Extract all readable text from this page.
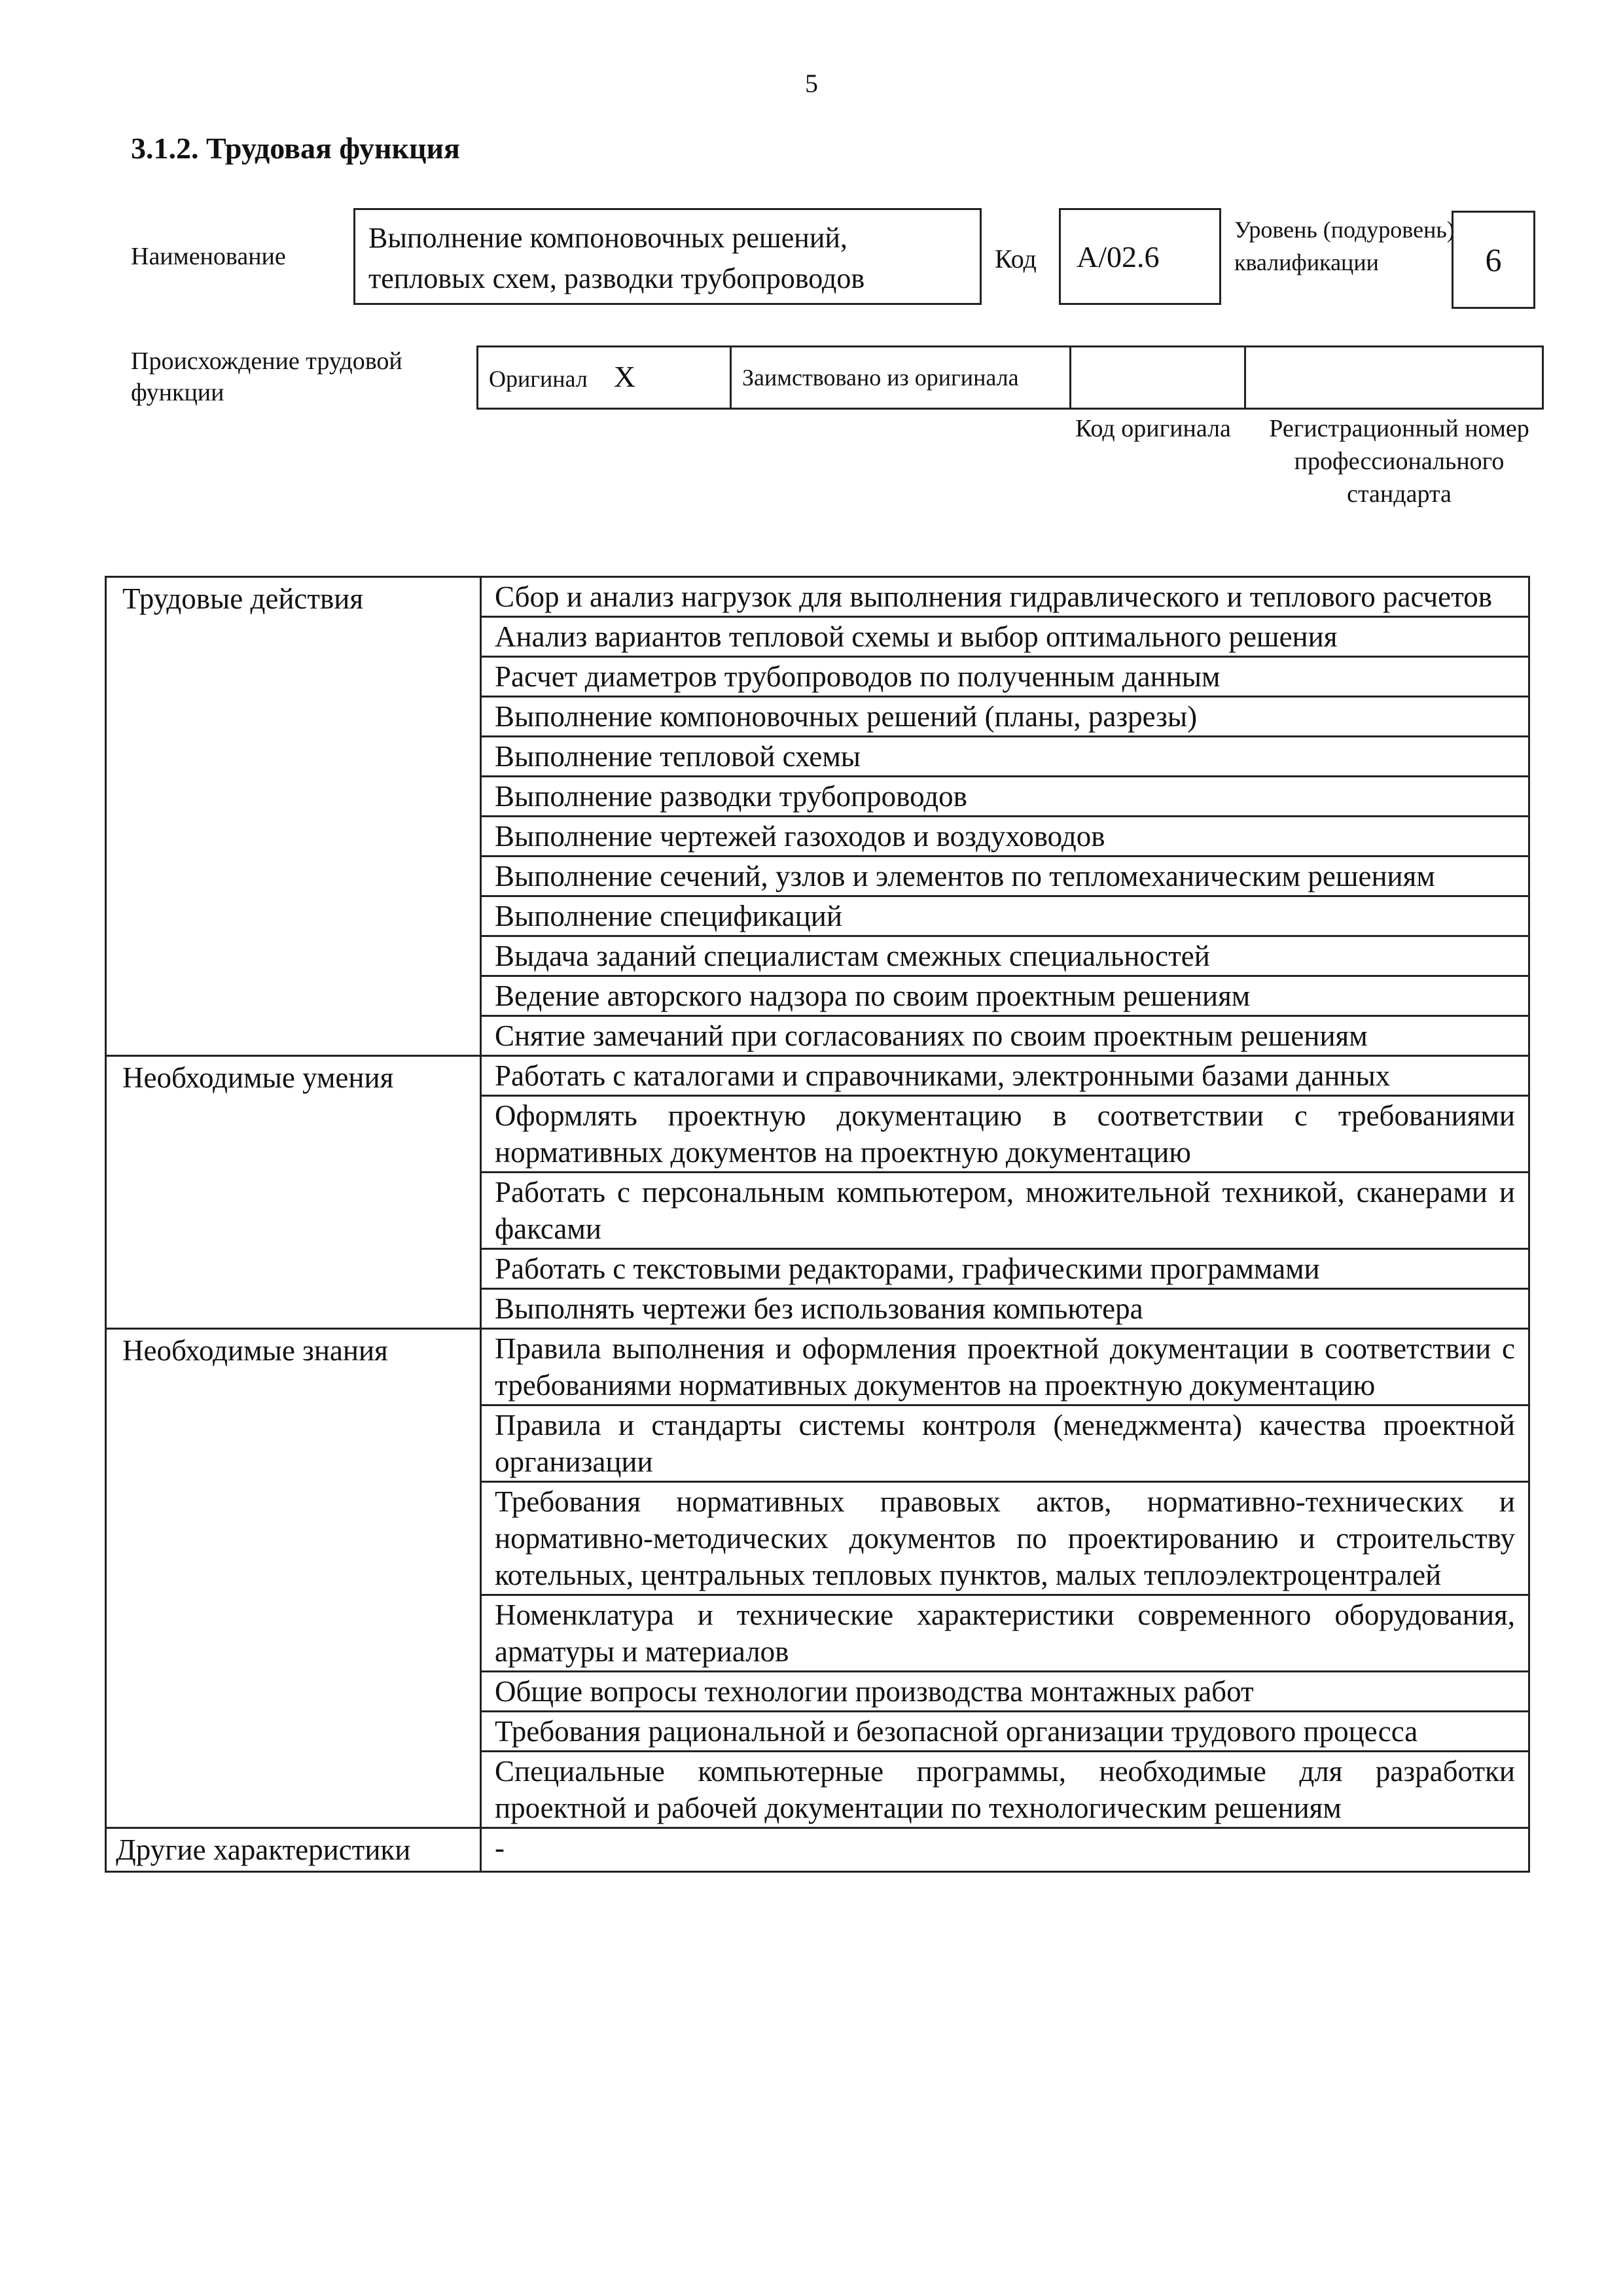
5
3.1.2. Трудовая функция
Наименование
Выполнение компоновочных решений, тепловых схем, разводки трубопроводов
Код	А/02.6
Уровень (подуровень) квалификации	6
Происхождение трудовой функции
Оригинал Х	Заимствовано из оригинала		
Код оригинала	Регистрационный номер профессионального стандарта
Трудовые действия	Сбор и анализ нагрузок для выполнения гидравлического и теплового расчетов
	Анализ вариантов тепловой схемы и выбор оптимального решения
	Расчет диаметров трубопроводов по полученным данным
	Выполнение компоновочных решений (планы, разрезы)
	Выполнение тепловой схемы
	Выполнение разводки трубопроводов
	Выполнение чертежей газоходов и воздуховодов
	Выполнение сечений, узлов и элементов по тепломеханическим решениям
	Выполнение спецификаций
	Выдача заданий специалистам смежных специальностей
	Ведение авторского надзора по своим проектным решениям
	Снятие замечаний при согласованиях по своим проектным решениям
Необходимые умения	Работать с каталогами и справочниками, электронными базами данных
	Оформлять проектную документацию в соответствии с требованиями нормативных документов на проектную документацию
	Работать с персональным компьютером, множительной техникой, сканерами и факсами
	Работать с текстовыми редакторами, графическими программами
	Выполнять чертежи без использования компьютера
Необходимые знания	Правила выполнения и оформления проектной документации в соответствии с требованиями нормативных документов на проектную документацию
	Правила и стандарты системы контроля (менеджмента) качества проектной организации
	Требования нормативных правовых актов, нормативно-технических и нормативно-методических документов по проектированию и строительству котельных, центральных тепловых пунктов, малых теплоэлектроцентралей
	Номенклатура и технические характеристики современного оборудования, арматуры и материалов
	Общие вопросы технологии производства монтажных работ
	Требования рациональной и безопасной организации трудового процесса
	Специальные компьютерные программы, необходимые для разработки проектной и рабочей документации по технологическим решениям
Другие характеристики	-
